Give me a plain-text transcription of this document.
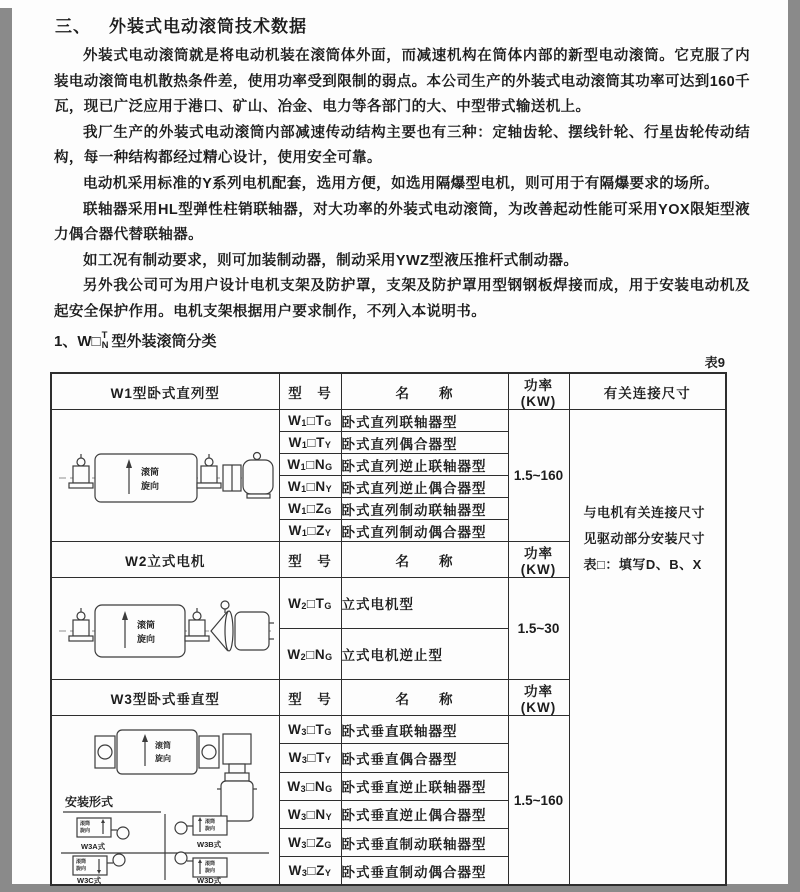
三、 外装式电动滚筒技术数据

外装式电动滚筒就是将电动机装在滚筒体外面，而减速机构在筒体内部的新型电动滚筒。它克服了内装电动滚筒电机散热条件差，使用功率受到限制的弱点。本公司生产的外装式电动滚筒其功率可达到160千瓦，现已广泛应用于港口、矿山、冶金、电力等各部门的大、中型带式输送机上。

我厂生产的外装式电动滚筒内部减速传动结构主要也有三种：定轴齿轮、摆线针轮、行星齿轮传动结构，每一种结构都经过精心设计，使用安全可靠。

电动机采用标准的Y系列电机配套，选用方便，如选用隔爆型电机，则可用于有隔爆要求的场所。

联轴器采用HL型弹性柱销联轴器，对大功率的外装式电动滚筒，为改善起动性能可采用YOX限矩型液力偶合器代替联轴器。

如工况有制动要求，则可加装制动器，制动采用YWZ型液压推杆式制动器。

另外我公司可为用户设计电机支架及防护罩，支架及防护罩用型钢钢板焊接而成，用于安装电动机及起安全保护作用。电机支架根据用户要求制作，不列入本说明书。

1、W□ T
N 型外装滚筒分类
表9
W1型卧式直列型	型　号	名　　称	功率(KW)	有关连接尺寸

滚筒
旋向
	$W_1□T_G$	卧式直列联轴器型	1.5~160	
与电机有关连接尺寸
见驱动部分安装尺寸
表□：填写D、B、X

	$W_1□T_Y$	卧式直列偶合器型		
	$W_1□N_G$	卧式直列逆止联轴器型		
	$W_1□N_Y$	卧式直列逆止偶合器型		
	$W_1□Z_G$	卧式直列制动联轴器型		
	$W_1□Z_Y$	卧式直列制动偶合器型		
W2立式电机	型　号	名　　称	功率(KW)	

滚筒
旋向	$W_2□T_G$	立式电机型	1.5~30	
	$W_2□N_G$	立式电机逆止型		
W3型卧式垂直型	型　号	名　　称	功率(KW)	

滚筒
旋向
安装形式
滚筒
旋向
W3A式
滚筒
旋向
W3B式
滚筒
旋向
W3C式
滚筒
旋向
W3D式
	$W_3□T_G$	卧式垂直联轴器型	1.5~160
	$W_3□T_Y$	卧式垂直偶合器型		
	$W_3□N_G$	卧式垂直逆止联轴器型		
	$W_3□N_Y$	卧式垂直逆止偶合器型		
	$W_3□Z_G$	卧式垂直制动联轴器型		
	$W_3□Z_Y$	卧式垂直制动偶合器型		
